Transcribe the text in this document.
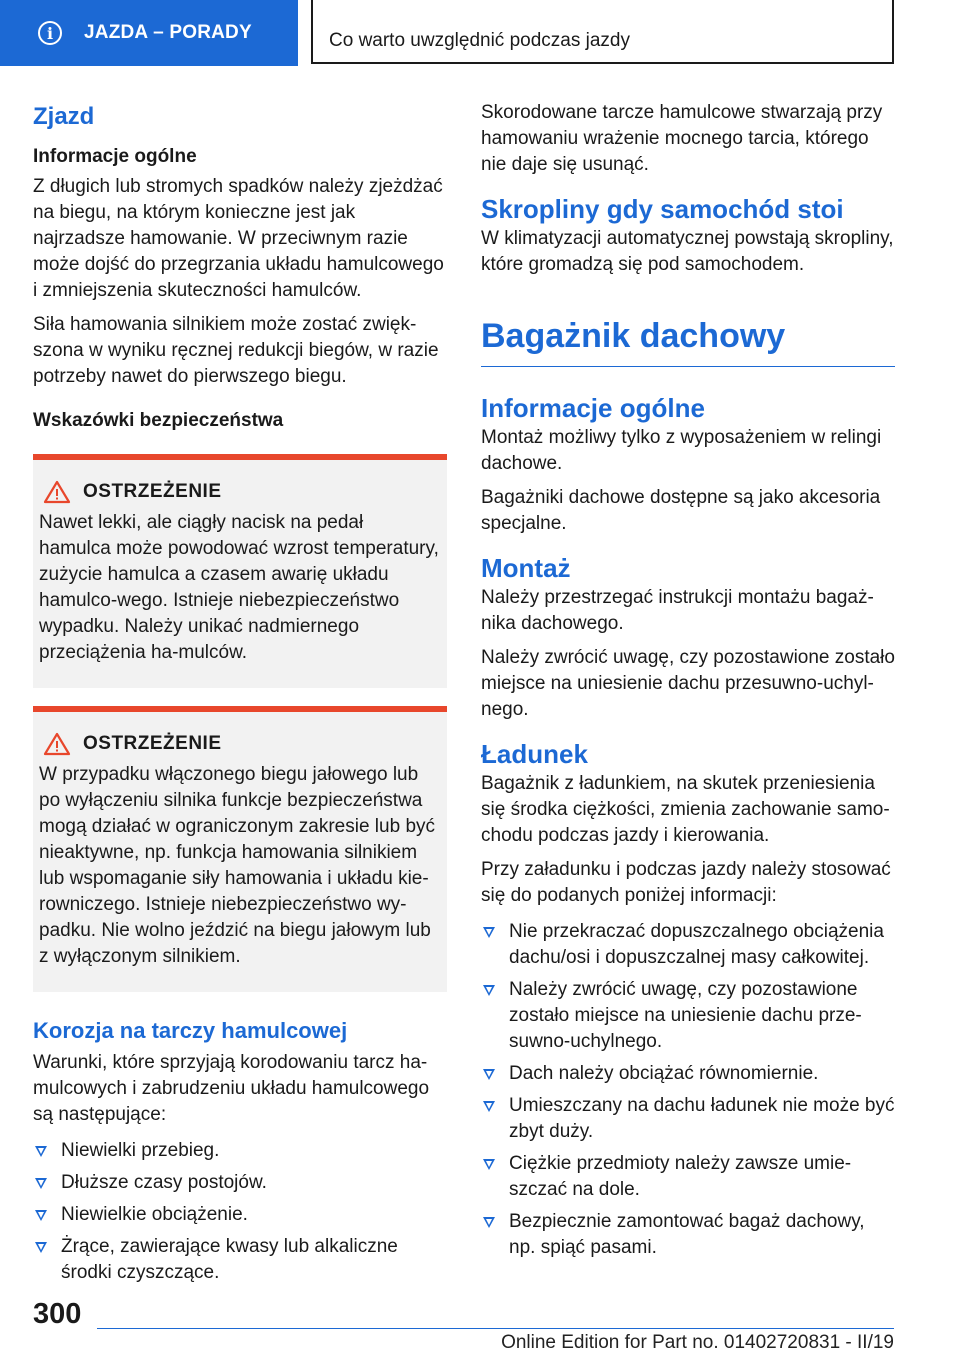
i	JAZDA – PORADY	Co warto uwzględnić podczas jazdy
Zjazd
Informacje ogólne

Z długich lub stromych spadków należy zjeżdżać na biegu, na którym konieczne jest jak najrzadsze hamowanie. W przeciwnym razie może dojść do przegrzania układu hamulcowego i zmniejszenia skuteczności hamulców.

Siła hamowania silnikiem może zostać zwięk-szona w wyniku ręcznej redukcji biegów, w razie potrzeby nawet do pierwszego biegu.

Wskazówki bezpieczeństwa
OSTRZEŻENIE

Nawet lekki, ale ciągły nacisk na pedał hamulca może powodować wzrost temperatury, zużycie hamulca a czasem awarię układu hamulco-wego. Istnieje niebezpieczeństwo wypadku. Należy unikać nadmiernego przeciążenia ha-mulców.

OSTRZEŻENIE

W przypadku włączonego biegu jałowego lub po wyłączeniu silnika funkcje bezpieczeństwa mogą działać w ograniczonym zakresie lub być nieaktywne, np. funkcja hamowania silnikiem lub wspomaganie siły hamowania i układu kie-rowniczego. Istnieje niebezpieczeństwo wy-padku. Nie wolno jeździć na biegu jałowym lub z wyłączonym silnikiem.

Korozja na tarczy hamulcowej

Warunki, które sprzyjają korodowaniu tarcz ha-mulcowych i zabrudzeniu układu hamulcowego są następujące:

Niewielki przebieg.
Dłuższe czasy postojów.
Niewielkie obciążenie.
Żrące, zawierające kwasy lub alkaliczne środki czyszczące.

Skorodowane tarcze hamulcowe stwarzają przy hamowaniu wrażenie mocnego tarcia, którego nie daje się usunąć.

Skropliny gdy samochód stoi

W klimatyzacji automatycznej powstają skropliny, które gromadzą się pod samochodem.

Bagażnik dachowy
Informacje ogólne

Montaż możliwy tylko z wyposażeniem w relingi dachowe.

Bagażniki dachowe dostępne są jako akcesoria specjalne.

Montaż

Należy przestrzegać instrukcji montażu bagaż-nika dachowego.

Należy zwrócić uwagę, czy pozostawione zostało miejsce na uniesienie dachu przesuwno-uchyl-nego.

Ładunek

Bagażnik z ładunkiem, na skutek przeniesienia się środka ciężkości, zmienia zachowanie samo-chodu podczas jazdy i kierowania.

Przy załadunku i podczas jazdy należy stosować się do podanych poniżej informacji:

Nie przekraczać dopuszczalnego obciążenia dachu/osi i dopuszczalnej masy całkowitej.
Należy zwrócić uwagę, czy pozostawione zostało miejsce na uniesienie dachu prze-suwno-uchylnego.
Dach należy obciążać równomiernie.
Umieszczany na dachu ładunek nie może być zbyt duży.
Ciężkie przedmioty należy zawsze umie-szczać na dole.
Bezpiecznie zamontować bagaż dachowy, np. spiąć pasami.
300
Online Edition for Part no. 01402720831 - II/19
